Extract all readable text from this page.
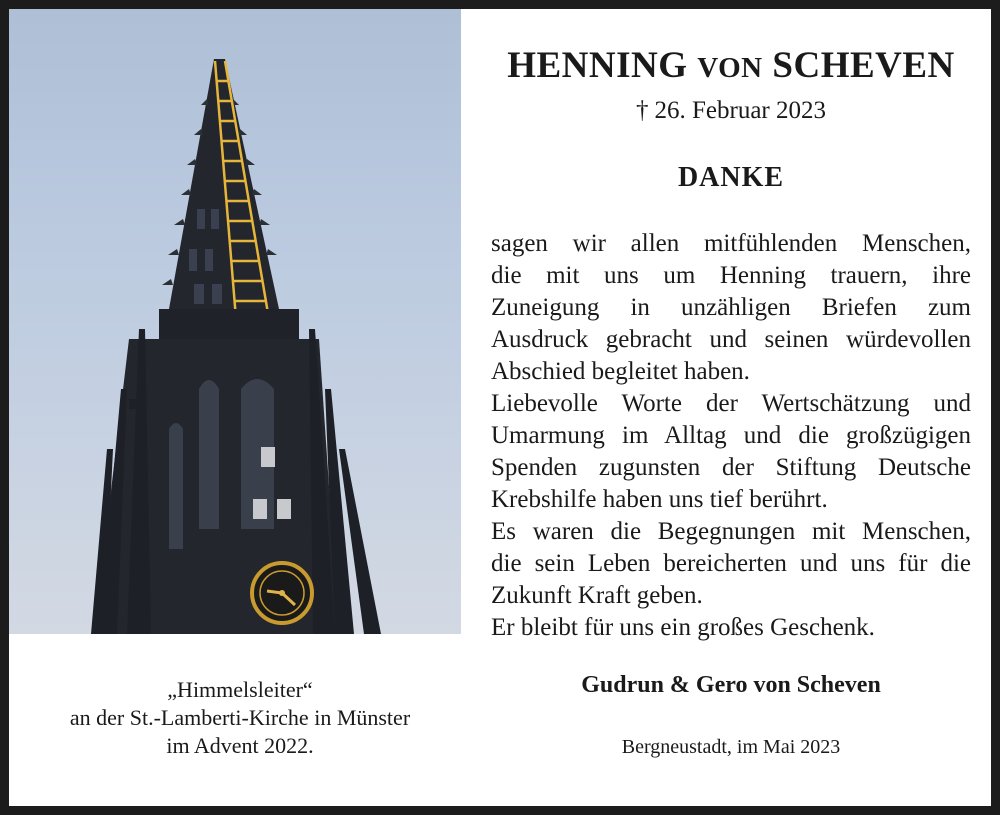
„Himmelsleiter“
an der St.-Lamberti-Kirche in Münster
im Advent 2022.
HENNING VON SCHEVEN
† 26. Februar 2023
DANKE
sagen wir allen mitfühlenden Menschen,
die mit uns um Henning trauern, ihre
Zuneigung in unzähligen Briefen zum
Ausdruck gebracht und seinen würdevollen
Abschied begleitet haben.
Liebevolle Worte der Wertschätzung und
Umarmung im Alltag und die großzügigen
Spenden zugunsten der Stiftung Deutsche
Krebshilfe haben uns tief berührt.
Es waren die Begegnungen mit Menschen,
die sein Leben bereicherten und uns für die
Zukunft Kraft geben.
Er bleibt für uns ein großes Geschenk.
Gudrun & Gero von Scheven
Bergneustadt, im Mai 2023
